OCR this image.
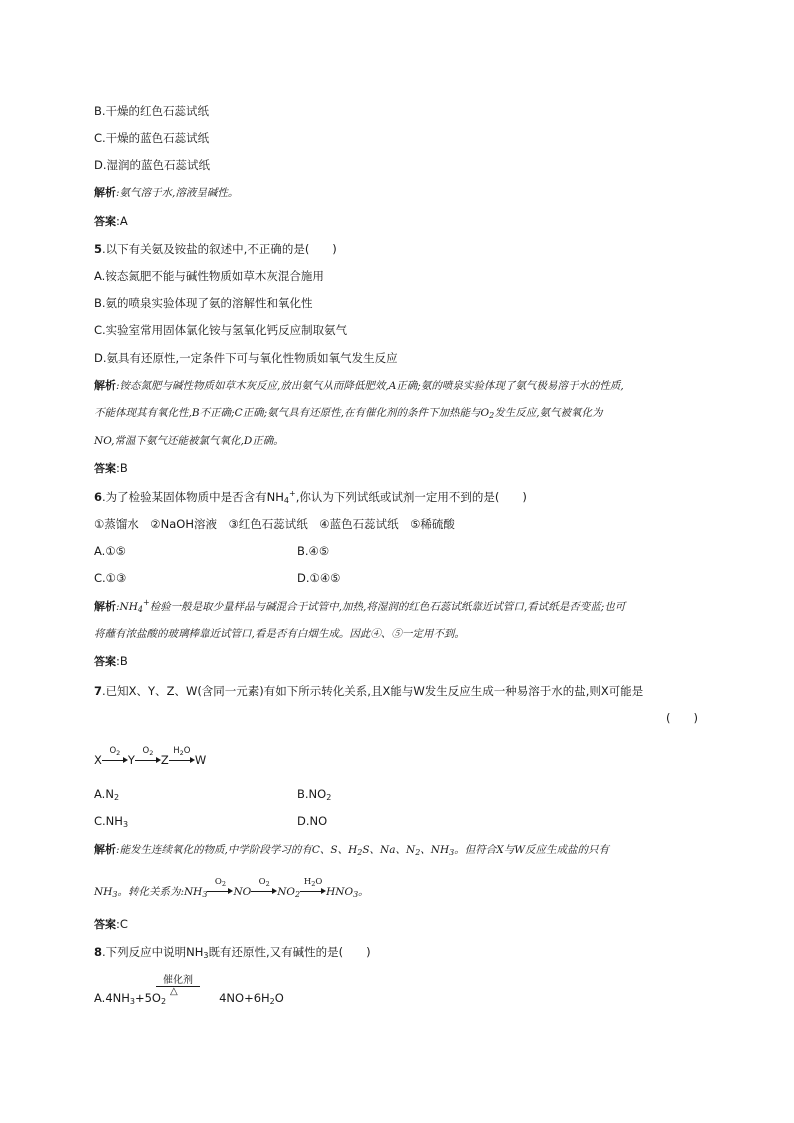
B.干燥的红色石蕊试纸
C.干燥的蓝色石蕊试纸
D.湿润的蓝色石蕊试纸
解析:氨气溶于水,溶液呈碱性。
答案:A
5.以下有关氨及铵盐的叙述中,不正确的是(　　)
A.铵态氮肥不能与碱性物质如草木灰混合施用
B.氨的喷泉实验体现了氨的溶解性和氧化性
C.实验室常用固体氯化铵与氢氧化钙反应制取氨气
D.氨具有还原性,一定条件下可与氧化性物质如氧气发生反应
解析:铵态氮肥与碱性物质如草木灰反应,放出氨气从而降低肥效,A正确;氨的喷泉实验体现了氨气极易溶于水的性质,
不能体现其有氧化性,B不正确;C正确;氨气具有还原性,在有催化剂的条件下加热能与$O_2$发生反应,氨气被氧化为
NO,常温下氨气还能被氯气氧化,D正确。
答案:B
6.为了检验某固体物质中是否含有$NH_4^+$,你认为下列试纸或试剂一定用不到的是(　　)
①蒸馏水　②NaOH溶液　③红色石蕊试纸　④蓝色石蕊试纸　⑤稀硫酸
A.①⑤	B.④⑤
C.①③	D.①④⑤
解析$:NH_4^+$检验一般是取少量样品与碱混合于试管中,加热,将湿润的红色石蕊试纸靠近试管口,看试纸是否变蓝;也可
将蘸有浓盐酸的玻璃棒靠近试管口,看是否有白烟生成。因此④、⑤一定用不到。
答案:B
7.已知X、Y、Z、W(含同一元素)有如下所示转化关系,且X能与W发生反应生成一种易溶于水的盐,则X可能是
(　　)
X
$O_2$ Y
$O_2$ Z
$H_2O$
W
$A.N_2$	$B.NO_2$
$C.NH_3$	D.NO
解析:能发生连续氧化的物质,中学阶段学习的有C、S、$H_2S$、Na、$N_2$、$NH_3$。但符合X与W反应生成盐的只有
$NH_3$。转化关系为$:NH_3$
$O_2$
NO
$O_2$
$NO_2$
$H_2O$
$HNO_3$。
答案:C
8.下列反应中说明$NH_3$既有还原性,又有碱性的是(　　)
催化剂
△
$A.4NH_3+5O_2$	$4NO+6H_2O$
